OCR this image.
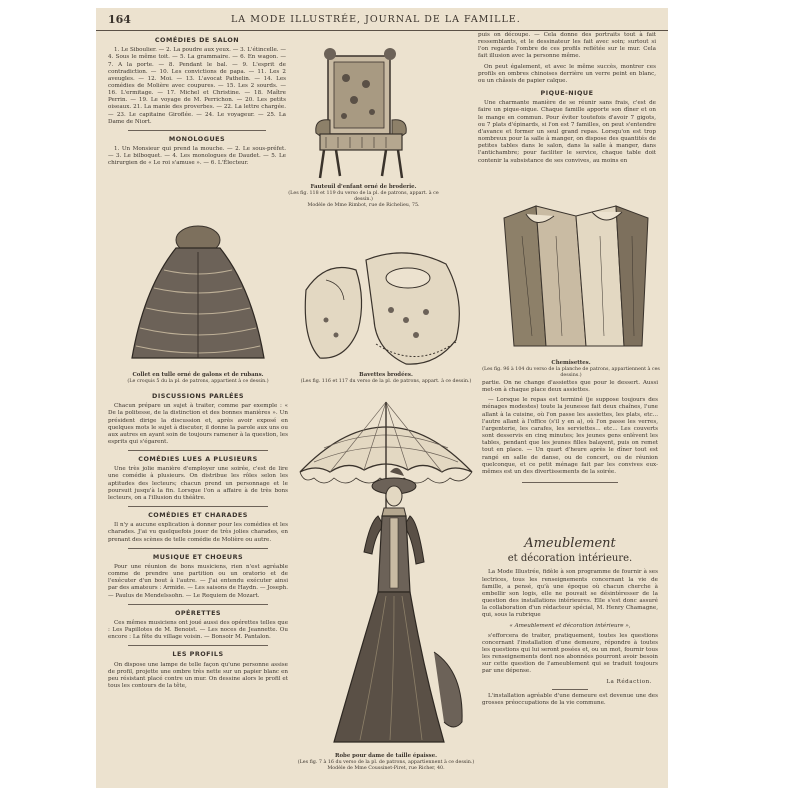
164	LA MODE ILLUSTRÉE, JOURNAL DE LA FAMILLE.
COMÉDIES DE SALON

1. Le Siboulier. — 2. La poudre aux yeux. — 3. L'étincelle. — 4. Sous le même toit. — 5. La grammaire. — 6. En wagon. — 7. A la porte. — 8. Pendant le bal. — 9. L'esprit de contradiction. — 10. Les convictions de papa. — 11. Les 2 aveugles. — 12. Moi. — 13. L'avocat Pathelin. — 14. Les comédies de Molière avec coupures. — 15. Les 2 sourds. — 16. L'ermitage. — 17. Michel et Christine. — 18. Maître Perrin. — 19. Le voyage de M. Perrichon. — 20. Les petits oiseaux. 21. La manie des proverbes. — 22. La lettre chargée. — 23. Le capitaine Giroflée. — 24. Le voyageur. — 25. La Dame de Niort.

MONOLOGUES

1. Un Monsieur qui prend la mouche. — 2. Le sous-préfet. — 3. Le bilboquet. — 4. Les monologues de Daudet. — 5. Le chirurgien de « Le roi s'amuse ». — 6. L'Électeur.

Fauteuil d'enfant orné de broderie.
(Les fig. 118 et 119 du verso de la pl. de patrons, appart. à ce dessin.)
Modèle de Mme Rimbot, rue de Richelieu, 75.

puis on découpe. — Cela donne des portraits tout à fait ressemblants, et le dessinateur les fait avec soin; surtout si l'on regarde l'ombre de ces profils reflétée sur le mur. Cela fait illusion avec la personne même.

On peut également, et avec le même succès, montrer ces profils en ombres chinoises derrière un verre peint en blanc, ou un châssis de papier calque.

PIQUE-NIQUE

Une charmante manière de se réunir sans frais, c'est de faire un pique-nique. Chaque famille apporte son dîner et on le mange en commun. Pour éviter toutefois d'avoir 7 gigots, ou 7 plats d'épinards, si l'on est 7 familles, on peut s'entendre d'avance et former un seul grand repas. Lorsqu'on est trop nombreux pour la salle à manger, on dispose des quantités de petites tables dans le salon, dans la salle à manger, dans l'antichambre; pour faciliter le service, chaque table doit contenir la subsistance de ses convives, au moins en

Collet en tulle orné de galons et de rubans.
(Le croquis 5 du la pl. de patrons, appartient à ce dessin.)
Bavettes brodées.
(Les fig. 116 et 117 du verso de la pl. de patrons, appart. à ce dessin.)
Chemisettes.
(Les fig. 96 à 104 du verso de la planche de patrons, appartiennent à ces dessins.)
DISCUSSIONS PARLÉES

Chacun prépare un sujet à traiter, comme par exemple : « De la politesse, de la distinction et des bonnes manières ». Un président dirige la discussion et, après avoir exposé en quelques mots le sujet à discuter, il donne la parole aux uns ou aux autres en ayant soin de toujours ramener à la question, les esprits qui s'égarent.

COMÉDIES LUES A PLUSIEURS

Une très jolie manière d'employer une soirée, c'est de lire une comédie à plusieurs. On distribue les rôles selon les aptitudes des lecteurs; chacun prend un personnage et le poursuit jusqu'à la fin. Lorsque l'on a affaire à de très bons lecteurs, on a l'illusion du théâtre.

COMÉDIES ET CHARADES

Il n'y a aucune explication à donner pour les comédies et les charades. J'ai vu quelquefois jouer de très jolies charades, en prenant des scènes de telle comédie de Molière ou autre.

MUSIQUE ET CHOEURS

Pour une réunion de bons musiciens, rien n'est agréable comme de prendre une partition ou un oratorio et de l'exécuter d'un bout à l'autre. — J'ai entendu exécuter ainsi par des amateurs : Armide. — Les saisons de Haydn. — Joseph. — Paulus de Mendelssohn. — Le Requiem de Mozart.

OPÉRETTES

Ces mêmes musiciens ont joué aussi des opérettes telles que : Les Papillotes de M. Benoist. — Les noces de Jeannette. Ou encore : La fête du village voisin. — Bonsoir M. Pantalon.

LES PROFILS

On dispose une lampe de telle façon qu'une personne assise de profil, projette une ombre très nette sur un papier blanc en peu résistant placé contre un mur. On dessine alors le profil et tous les contours de la tête,

Robe pour dame de taille épaisse.
(Les fig. 7 à 16 du verso de la pl. de patrons, appartiennent à ce dessin.)
Modèle de Mme Coussinet-Piret, rue Richer, 40.

partie. On ne change d'assiettes que pour le dessert. Aussi met-on à chaque place deux assiettes.

— Lorsque le repas est terminé (je suppose toujours des ménages modestes) toute la jeunesse fait deux chaînes, l'une allant à la cuisine, où l'on passe les assiettes, les plats, etc... l'autre allant à l'office (s'il y en a), où l'on passe les verres, l'argenterie, les carafes, les serviettes... etc... Les couverts sont desservis en cinq minutes; les jeunes gens enlèvent les tables, pendant que les jeunes filles balayent, puis on remet tout en place. — Un quart d'heure après le dîner tout est rangé en salle de danse, ou de concert, ou de réunion quelconque, et ce petit ménage fait par les convives eux-mêmes est un des divertissements de la soirée.

Ameublement
et décoration intérieure.

La Mode Illustrée, fidèle à son programme de fournir à ses lectrices, tous les renseignements concernant la vie de famille, a pensé, qu'à une époque où chacun cherche à embellir son logis, elle ne pouvait se désintéresser de la question des installations intérieures. Elle s'est donc assuré la collaboration d'un rédacteur spécial, M. Henry Chamagne, qui, sous la rubrique

« Ameublement et décoration intérieure »,

s'efforcera de traiter, pratiquement, toutes les questions concernant l'installation d'une demeure, répondre à toutes les questions qui lui seront posées et, ou un mot, fournir tous les renseignements dont nos abonnées pourront avoir besoin sur cette question de l'ameublement qui se traduit toujours par une dépense.

La Rédaction.

L'installation agréable d'une demeure est devenue une des grosses préoccupations de la vie commune.
